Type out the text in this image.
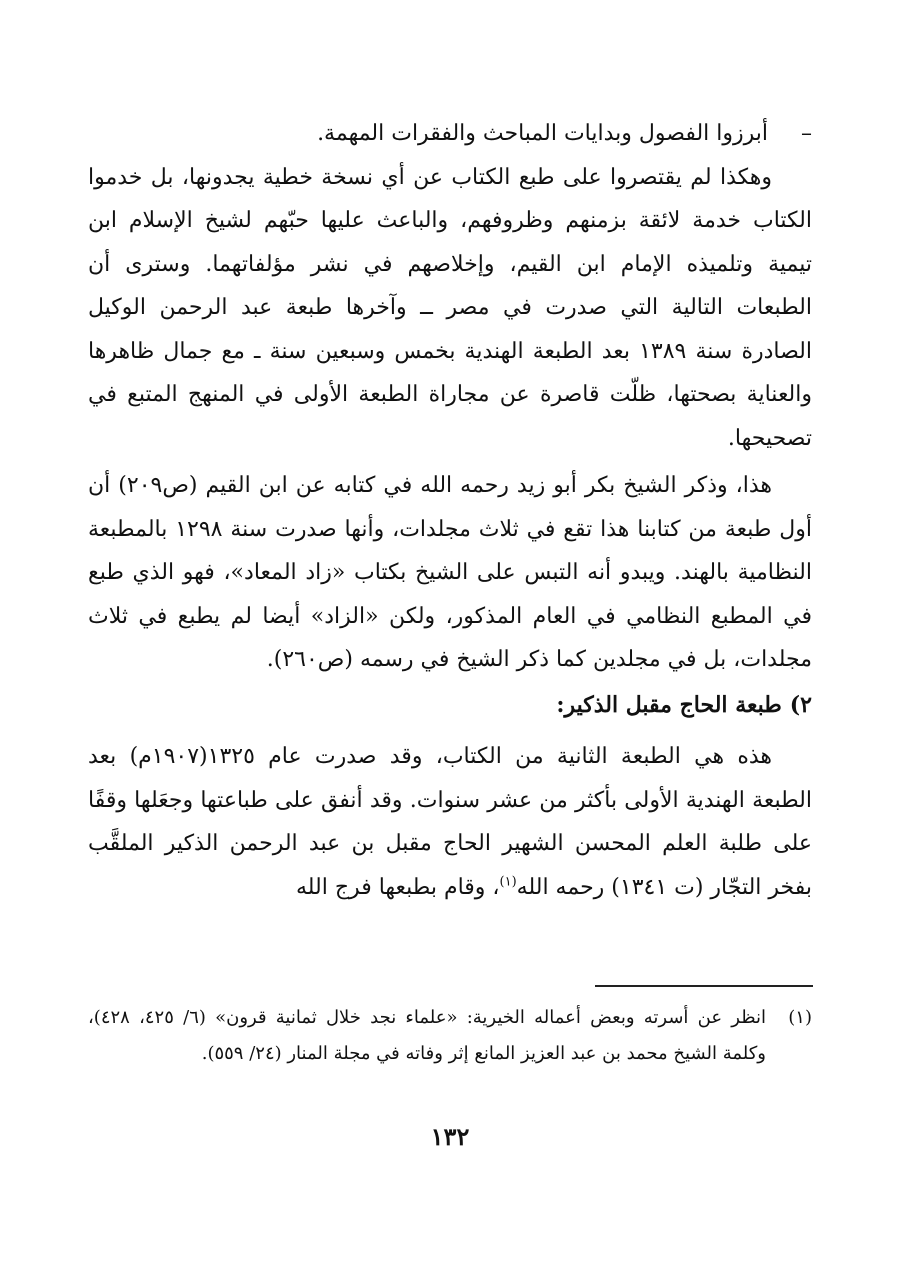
–
أبرزوا الفصول وبدايات المباحث والفقرات المهمة.

وهكذا لم يقتصروا على طبع الكتاب عن أي نسخة خطية يجدونها، بل خدموا الكتاب خدمة لائقة بزمنهم وظروفهم، والباعث عليها حبّهم لشيخ الإسلام ابن تيمية وتلميذه الإمام ابن القيم، وإخلاصهم في نشر مؤلفاتهما. وسترى أن الطبعات التالية التي صدرت في مصر ــ وآخرها طبعة عبد الرحمن الوكيل الصادرة سنة ١٣٨٩ بعد الطبعة الهندية بخمس وسبعين سنة ـ مع جمال ظاهرها والعناية بصحتها، ظلّت قاصرة عن مجاراة الطبعة الأولى في المنهج المتبع في تصحيحها.

هذا، وذكر الشيخ بكر أبو زيد رحمه الله في كتابه عن ابن القيم (ص٢٠٩) أن أول طبعة من كتابنا هذا تقع في ثلاث مجلدات، وأنها صدرت سنة ١٢٩٨ بالمطبعة النظامية بالهند. ويبدو أنه التبس على الشيخ بكتاب «زاد المعاد»، فهو الذي طبع في المطبع النظامي في العام المذكور، ولكن «الزاد» أيضا لم يطبع في ثلاث مجلدات، بل في مجلدين كما ذكر الشيخ في رسمه (ص٢٦٠).

٢)طبعة الحاج مقبل الذكير:

هذه هي الطبعة الثانية من الكتاب، وقد صدرت عام ١٣٢٥(١٩٠٧م) بعد الطبعة الهندية الأولى بأكثر من عشر سنوات. وقد أنفق على طباعتها وجعَلها وقفًا على طلبة العلم المحسن الشهير الحاج مقبل بن عبد الرحمن الذكير الملقَّب بفخر التجّار (ت ١٣٤١) رحمه الله$^{(١)}$، وقام بطبعها فرج الله

(١)
انظر عن أسرته وبعض أعماله الخيرية: «علماء نجد خلال ثمانية قرون» (٦/ ٤٢٥، ٤٢٨)، وكلمة الشيخ محمد بن عبد العزيز المانع إثر وفاته في مجلة المنار (٢٤/ ٥٥٩).
١٣٢
